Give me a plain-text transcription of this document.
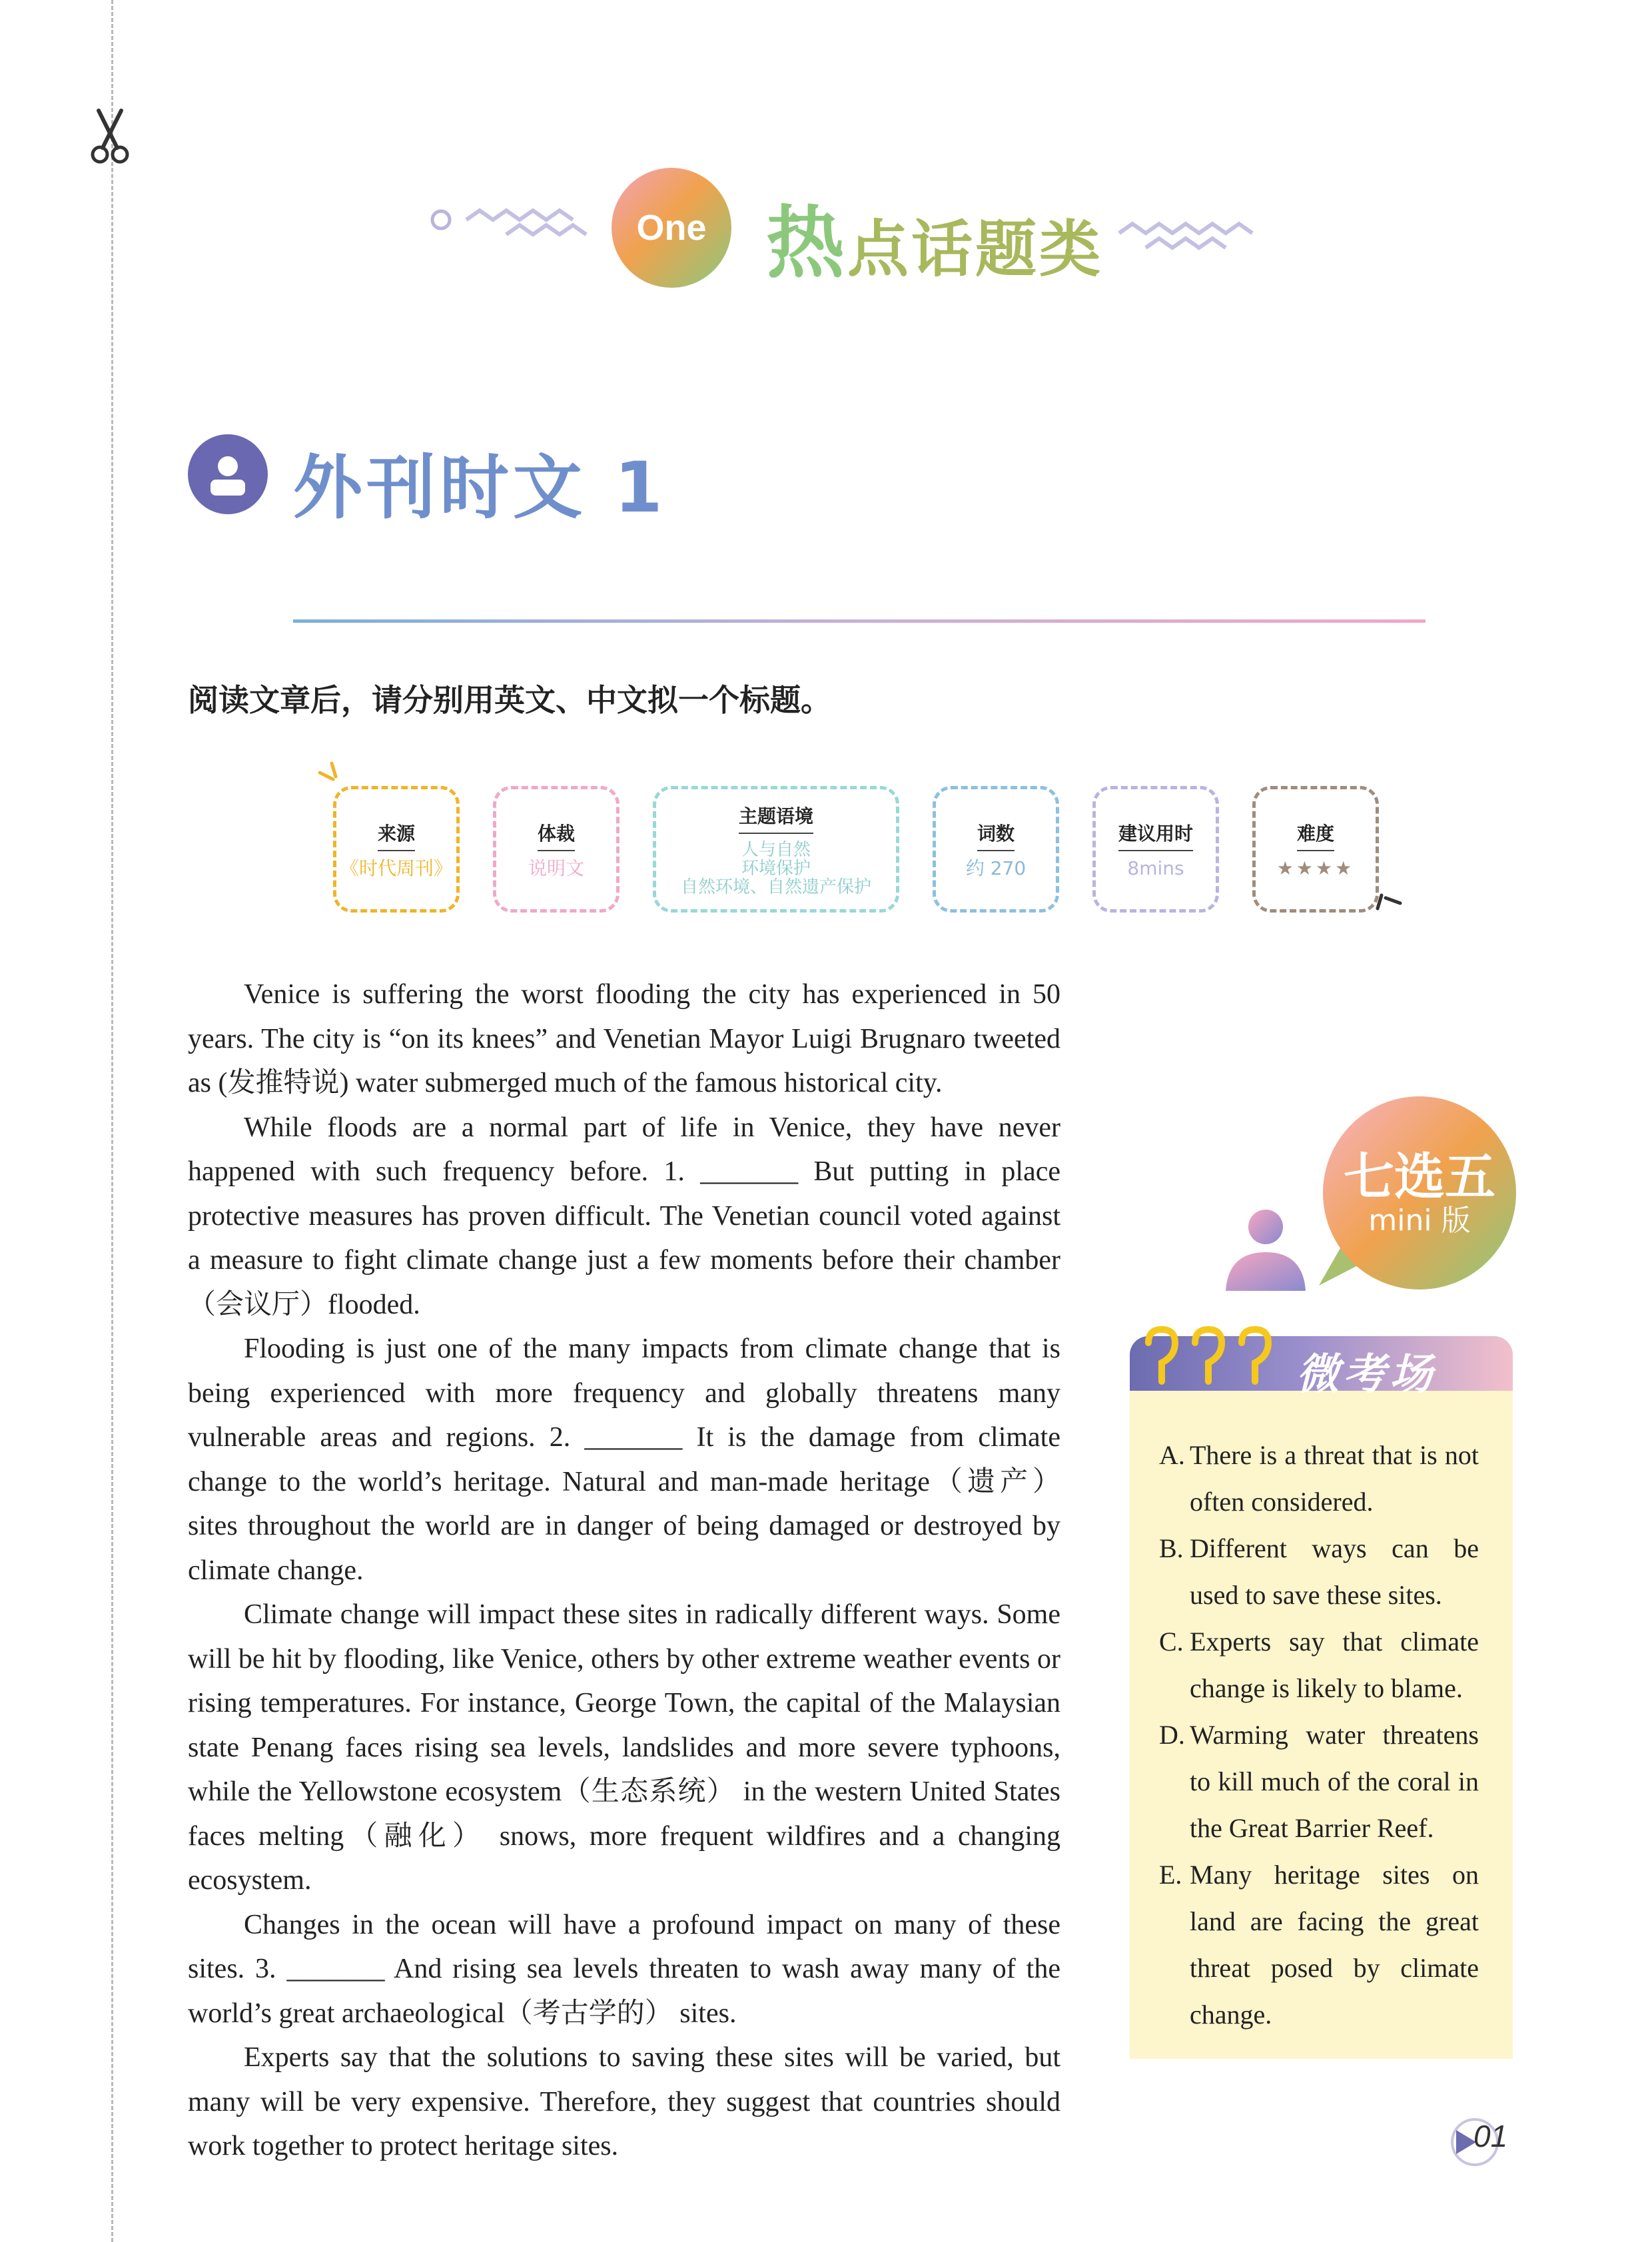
One 热点话题类
外刊时文 1
阅读文章后，请分别用英文、中文拟一个标题。
来源
《时代周刊》
体裁
说明文
主题语境
人与自然
环境保护
自然环境、自然遗产保护
词数
约 270
建议用时
8mins
难度
★★★★

Venice is suffering the worst flooding the city has experienced in 50 years. The city is “on its knees” and Venetian Mayor Luigi Brugnaro tweeted as (发推特说) water submerged much of the famous historical city.

While floods are a normal part of life in Venice, they have never happened with such frequency before. 1. _______ But putting in place protective measures has proven difficult. The Venetian council voted against a measure to fight climate change just a few moments before their chamber（会议厅）flooded.

Flooding is just one of the many impacts from climate change that is being experienced with more frequency and globally threatens many vulnerable areas and regions. 2. _______ It is the damage from climate change to the world’s heritage. Natural and man-made heritage（遗产） sites throughout the world are in danger of being damaged or destroyed by climate change.

Climate change will impact these sites in radically different ways. Some will be hit by flooding, like Venice, others by other extreme weather events or rising temperatures. For instance, George Town, the capital of the Malaysian state Penang faces rising sea levels, landslides and more severe typhoons, while the Yellowstone ecosystem（生态系统） in the western United States faces melting（融化） snows, more frequent wildfires and a changing ecosystem.

Changes in the ocean will have a profound impact on many of these sites. 3. _______ And rising sea levels threaten to wash away many of the world’s great archaeological（考古学的） sites.

Experts say that the solutions to saving these sites will be varied, but many will be very expensive. Therefore, they suggest that countries should work together to protect heritage sites.

七选五
mini 版
微考场
A. There is a threat that is not often considered.
B. Different ways can be used to save these sites.
C. Experts say that climate change is likely to blame.
D. Warming water threatens to kill much of the coral in the Great Barrier Reef.
E. Many heritage sites on land are facing the great threat posed by climate change.
01
